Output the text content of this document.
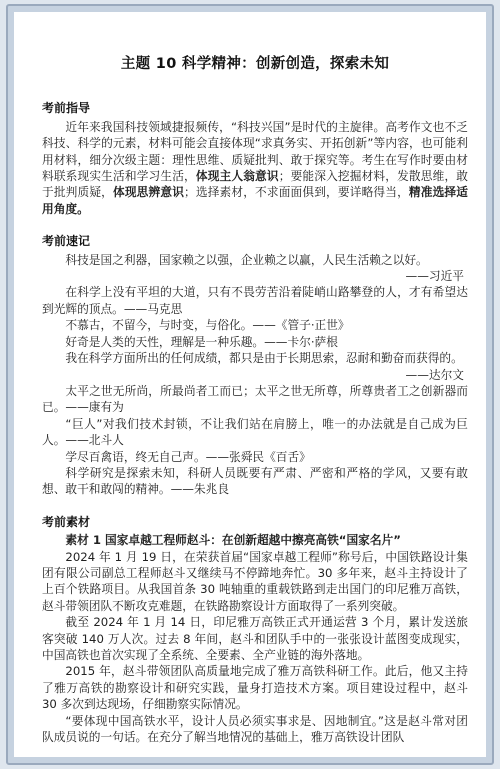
主题 10 科学精神：创新创造，探索未知
考前指导

近年来我国科技领域捷报频传，“科技兴国”是时代的主旋律。高考作文也不乏科技、科学的元素，材料可能会直接体现“求真务实、开拓创新”等内容，也可能利用材料，细分次级主题：理性思维、质疑批判、敢于探究等。考生在写作时要由材料联系现实生活和学习生活，体现主人翁意识；要能深入挖掘材料，发散思维，敢于批判质疑，体现思辨意识；选择素材，不求面面俱到，要详略得当，精准选择适用角度。

考前速记

科技是国之利器，国家赖之以强，企业赖之以赢，人民生活赖之以好。

——习近平

在科学上没有平坦的大道，只有不畏劳苦沿着陡峭山路攀登的人，才有希望达到光辉的顶点。——马克思

不慕古，不留今，与时变，与俗化。——《管子·正世》

好奇是人类的天性，理解是一种乐趣。——卡尔·萨根

我在科学方面所出的任何成绩，都只是由于长期思索，忍耐和勤奋而获得的。

——达尔文

太平之世无所尚，所最尚者工而已；太平之世无所尊，所尊贵者工之创新器而已。——康有为

“巨人”对我们技术封锁，不让我们站在肩膀上，唯一的办法就是自己成为巨人。——北斗人

学尽百禽语，终无自己声。——张舜民《百舌》

科学研究是探索未知，科研人员既要有严肃、严密和严格的学风，又要有敢想、敢干和敢闯的精神。——朱兆良

考前素材

素材 1 国家卓越工程师赵斗：在创新超越中擦亮高铁“国家名片”

2024 年 1 月 19 日，在荣获首届“国家卓越工程师”称号后，中国铁路设计集团有限公司副总工程师赵斗又继续马不停蹄地奔忙。30 多年来，赵斗主持设计了上百个铁路项目。从我国首条 30 吨轴重的重载铁路到走出国门的印尼雅万高铁，赵斗带领团队不断攻克难题，在铁路勘察设计方面取得了一系列突破。

截至 2024 年 1 月 14 日，印尼雅万高铁正式开通运营 3 个月，累计发送旅客突破 140 万人次。过去 8 年间，赵斗和团队手中的一张张设计蓝图变成现实，中国高铁也首次实现了全系统、全要素、全产业链的海外落地。

2015 年，赵斗带领团队高质量地完成了雅万高铁科研工作。此后，他又主持了雅万高铁的勘察设计和研究实践，量身打造技术方案。项目建设过程中，赵斗 30 多次到达现场，仔细勘察实际情况。

“要体现中国高铁水平，设计人员必须实事求是、因地制宜。”这是赵斗常对团队成员说的一句话。在充分了解当地情况的基础上，雅万高铁设计团队
